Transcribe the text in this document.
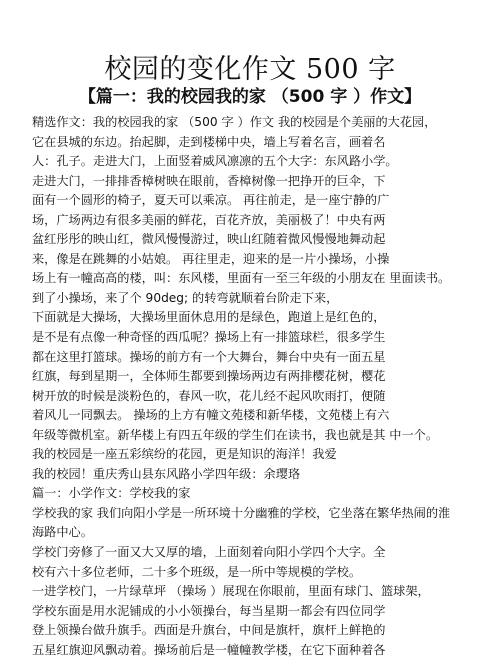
校园的变化作文 500 字
【篇一：我的校园我的家 （500 字 ）作文】
精选作文：我的校园我的家 （500 字 ）作文 我的校园是个美丽的大花园，
它在县城的东边。抬起脚，走到楼梯中央，墙上写着名言，画着名
人：孔子。走进大门，上面竖着威风凛凛的五个大字：东风路小学。
走进大门，一排排香樟树映在眼前，香樟树像一把挣开的巨伞，下
面有一个圆形的椅子，夏天可以乘凉。 再往前走，是一座宁静的广
场，广场两边有很多美丽的鲜花，百花齐放，美丽极了！中央有两
盆红彤彤的映山红，微风慢慢游过，映山红随着微风慢慢地舞动起
来，像是在跳舞的小姑娘。 再往里走，迎来的是一片小操场，小操
场上有一幢高高的楼，叫：东风楼，里面有一至三年级的小朋友在 里面读书。
到了小操场，来了个 90deg; 的转弯就顺着台阶走下来，
下面就是大操场，大操场里面休息用的是绿色，跑道上是红色的，
是不是有点像一种奇怪的西瓜呢？操场上有一排篮球栏，很多学生
都在这里打篮球。操场的前方有一个大舞台，舞台中央有一面五星
红旗，每到星期一，全体师生都要到操场两边有两排樱花树，樱花
树开放的时候是淡粉色的，春风一吹，花儿经不起风吹雨打，便随
着风儿一同飘去。 操场的上方有幢文苑楼和新华楼，文苑楼上有六
年级等微机室。新华楼上有四五年级的学生们在读书，我也就是其 中一个。
我的校园是一座五彩缤纷的花园，更是知识的海洋！我爱
我的校园！重庆秀山县东风路小学四年级：余璎珞
篇一：小学作文：学校我的家
学校我的家 我们向阳小学是一所环境十分幽雅的学校，它坐落在繁华热闹的淮
海路中心。
学校门旁修了一面又大又厚的墙，上面刻着向阳小学四个大字。全
校有六十多位老师，二十多个班级，是一所中等规模的学校。
一进学校门，一片绿草坪 （操场 ）展现在你眼前，里面有球门、篮球架，
学校东面是用水泥铺成的小小领操台，每当星期一都会有四位同学
登上领操台做升旗手。西面是升旗台，中间是旗杆，旗杆上鲜艳的
五星红旗迎风飘动着。操场前后是一幢幢教学楼，在它下面种着各
